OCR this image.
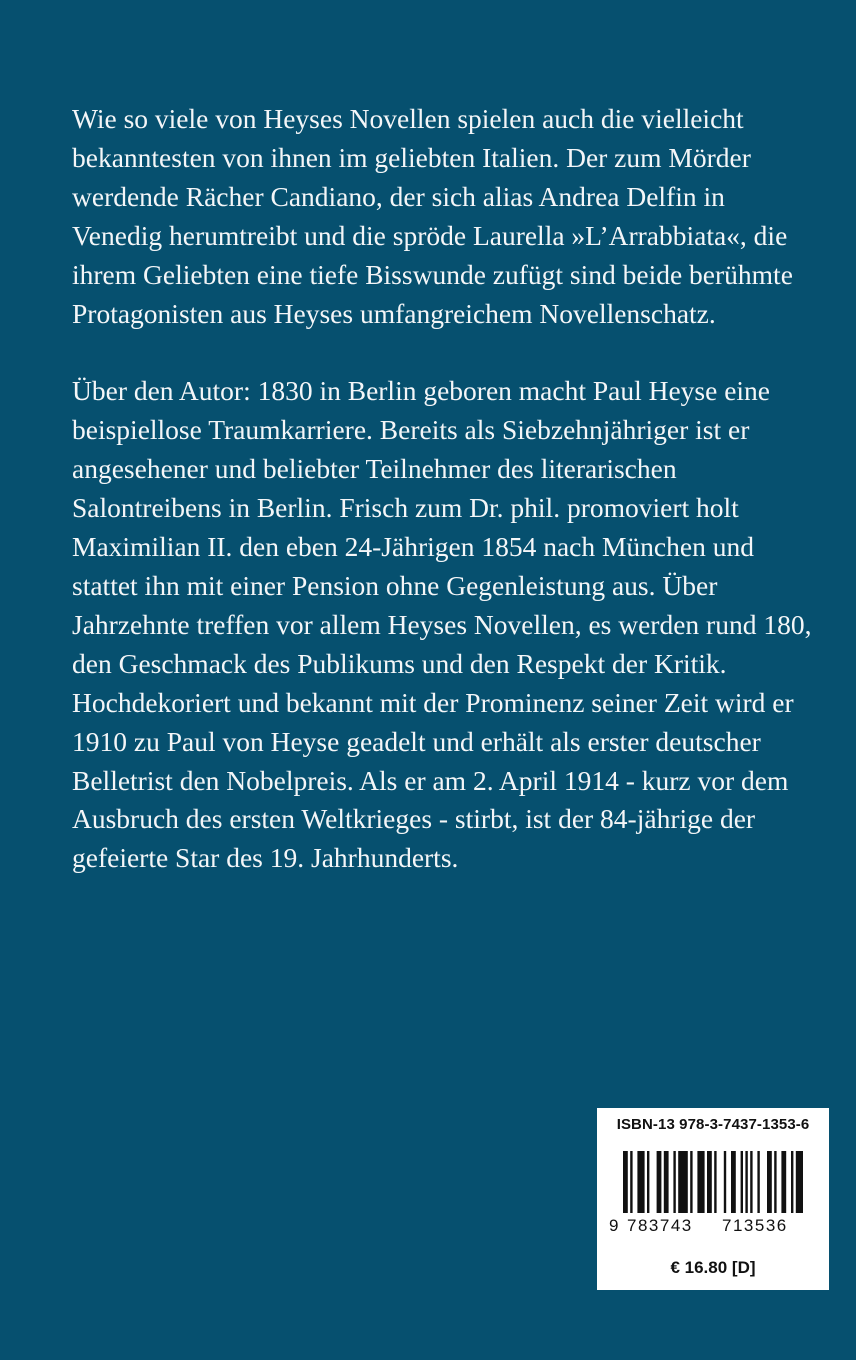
Wie so viele von Heyses Novellen spielen auch die vielleicht bekanntesten von ihnen im geliebten Italien. Der zum Mörder werdende Rächer Candiano, der sich alias Andrea Delfin in Venedig herumtreibt und die spröde Laurella »L’Arrabbiata«, die ihrem Geliebten eine tiefe Bisswunde zufügt sind beide berühmte Protagonisten aus Heyses umfangreichem Novellenschatz.

Über den Autor: 1830 in Berlin geboren macht Paul Heyse eine beispiellose Traumkarriere. Bereits als Siebzehnjähriger ist er angesehener und beliebter Teilnehmer des literarischen Salontreibens in Berlin. Frisch zum Dr. phil. promoviert holt Maximilian II. den eben 24-Jährigen 1854 nach München und stattet ihn mit einer Pension ohne Gegenleistung aus. Über Jahrzehnte treffen vor allem Heyses Novellen, es werden rund 180, den Geschmack des Publikums und den Respekt der Kritik. Hochdekoriert und bekannt mit der Prominenz seiner Zeit wird er 1910 zu Paul von Heyse geadelt und erhält als erster deutscher Belletrist den Nobelpreis. Als er am 2. April 1914 - kurz vor dem Ausbruch des ersten Weltkrieges - stirbt, ist der 84-jährige der gefeierte Star des 19. Jahrhunderts.

ISBN-13 978-3-7437-1353-6
9 783743 713536
€ 16.80 [D]
